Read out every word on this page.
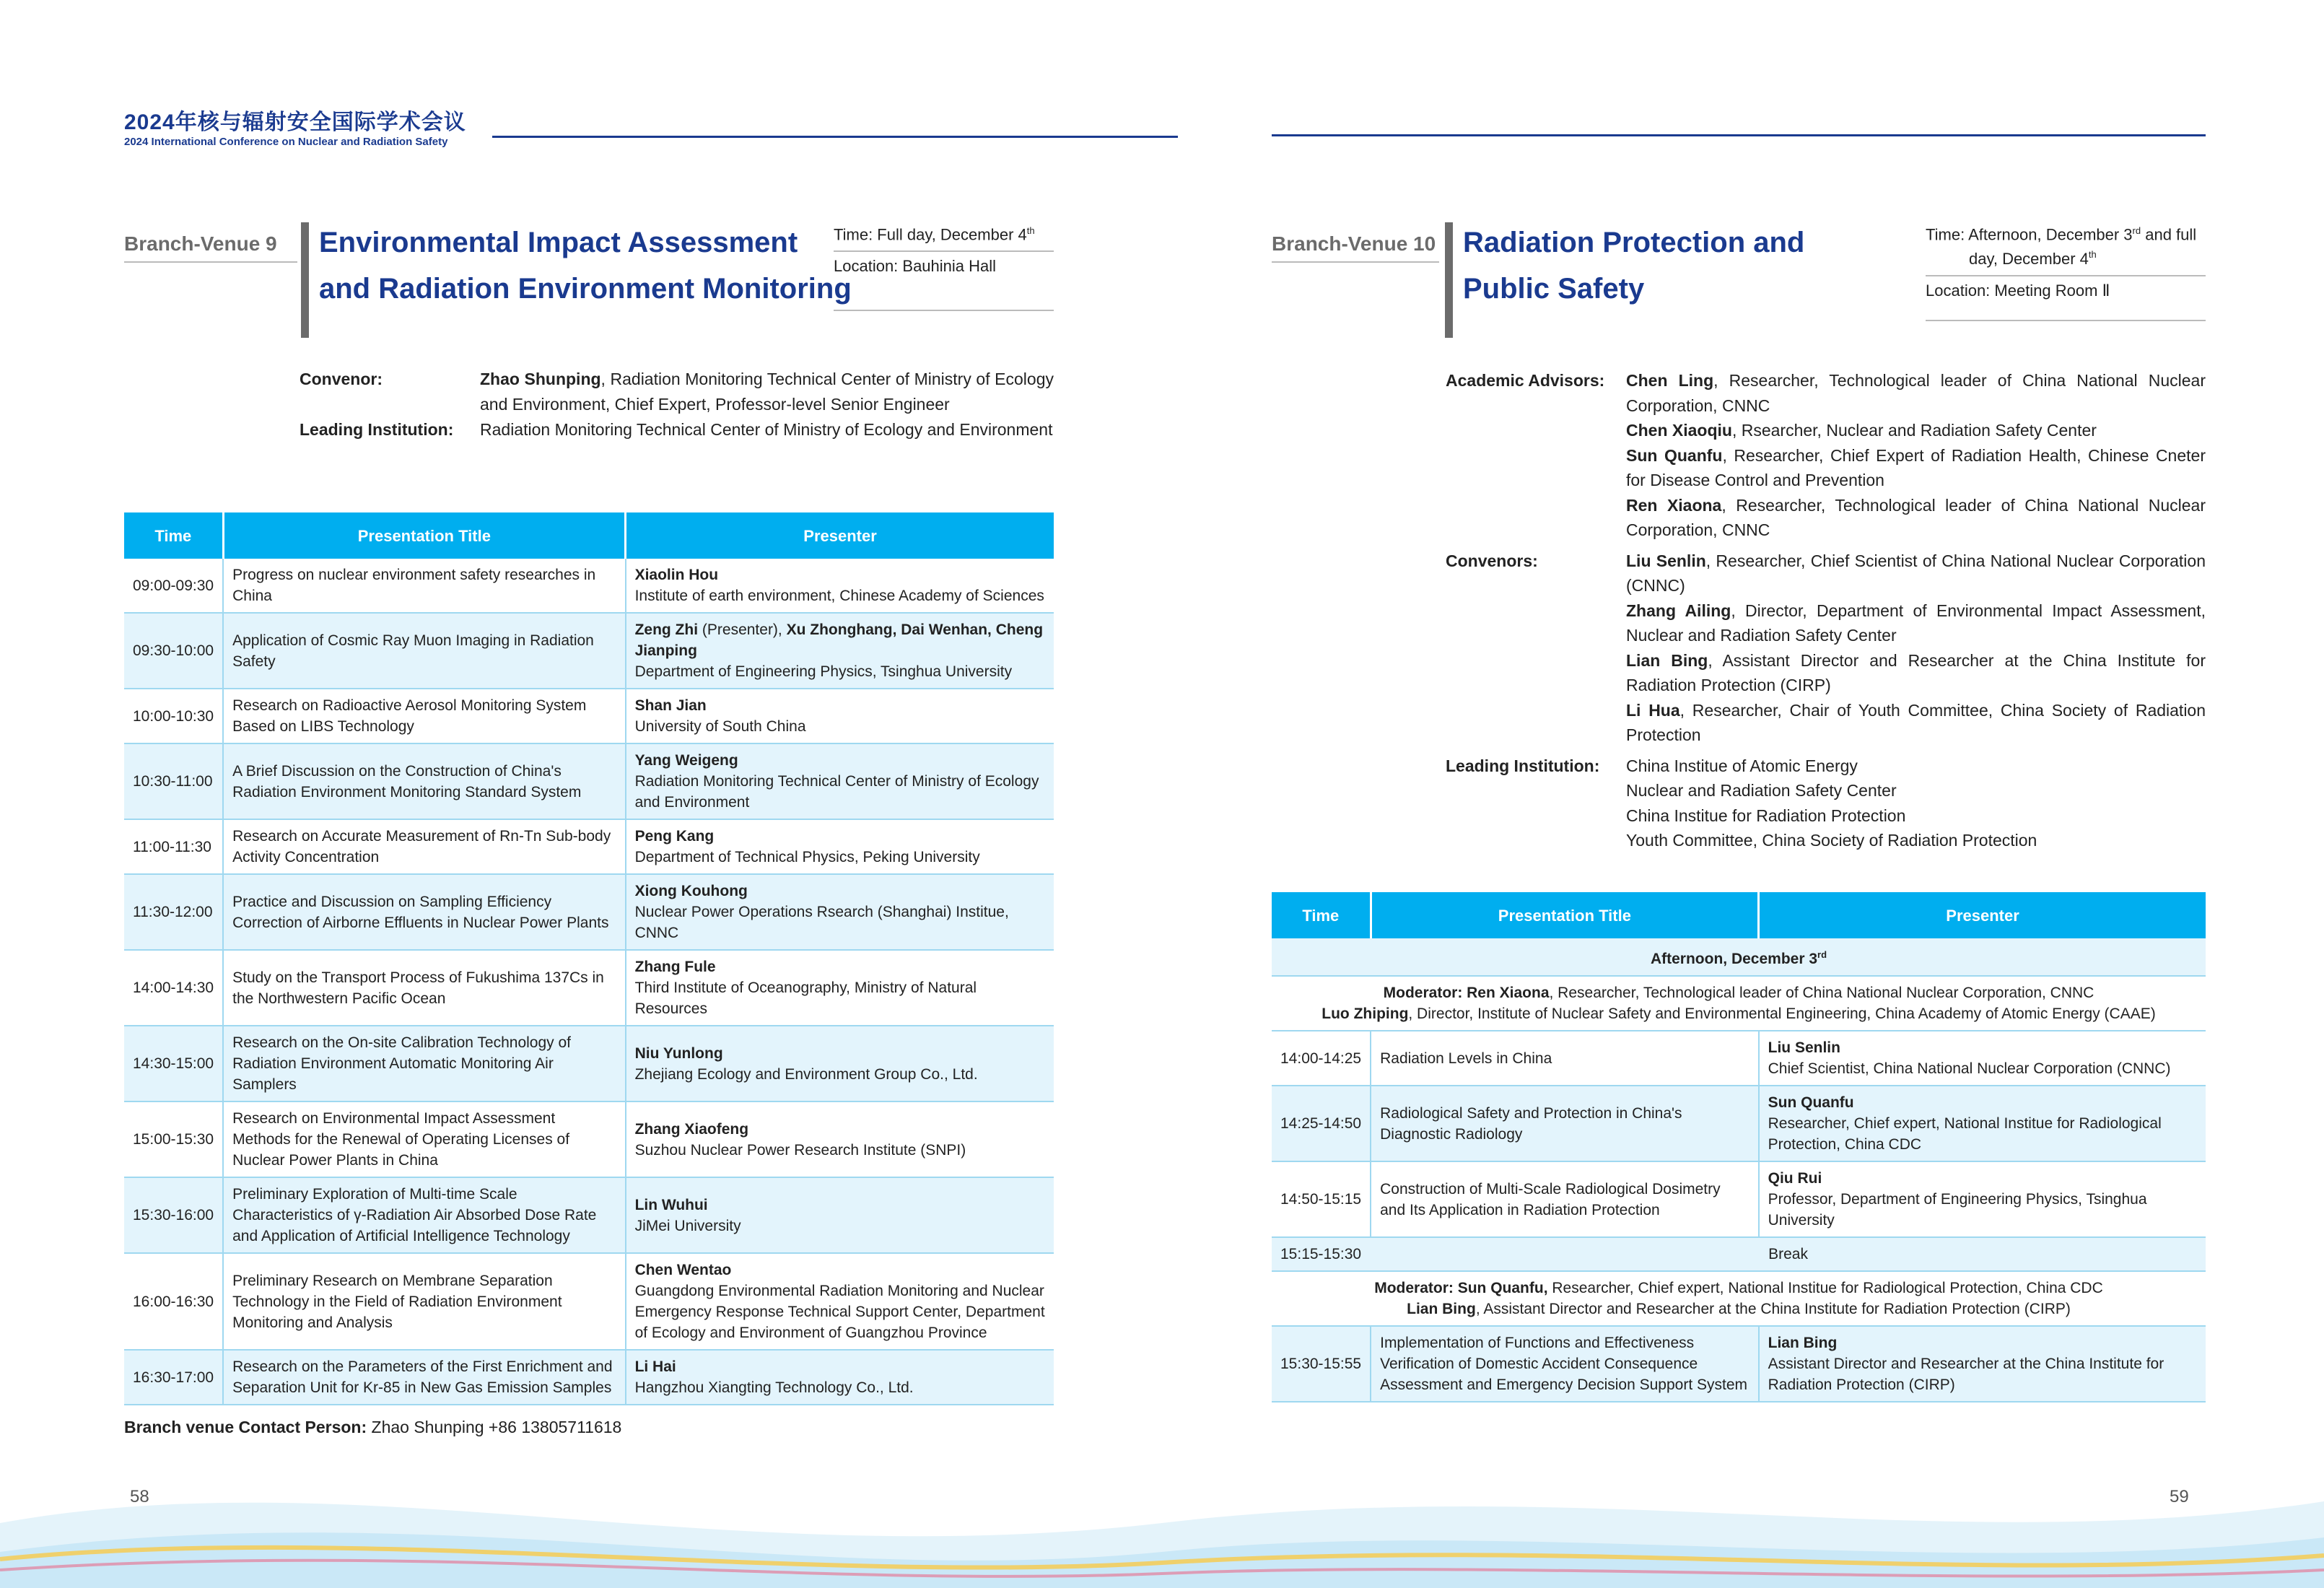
2024年核与辐射安全国际学术会议
2024 International Conference on Nuclear and Radiation Safety
Branch-Venue 9	Environmental Impact Assessment
and Radiation Environment Monitoring
Time: Full day, December 4th
Location: Bauhinia Hall
Convenor:	Zhao Shunping, Radiation Monitoring Technical Center of Ministry of Ecology and Environment, Chief Expert, Professor-level Senior Engineer
Leading Institution:	Radiation Monitoring Technical Center of Ministry of Ecology and Environment
Time	Presentation Title	Presenter
09:00-09:30	Progress on nuclear environment safety researches in China	Xiaolin Hou
Institute of earth environment, Chinese Academy of Sciences

09:30-10:00	Application of Cosmic Ray Muon Imaging in Radiation Safety	Zeng Zhi (Presenter), Xu Zhonghang, Dai Wenhan, Cheng Jianping
Department of Engineering Physics, Tsinghua University

10:00-10:30	Research on Radioactive Aerosol Monitoring System Based on LIBS Technology	Shan Jian
University of South China

10:30-11:00	A Brief Discussion on the Construction of China's Radiation Environment Monitoring Standard System	Yang Weigeng
Radiation Monitoring Technical Center of Ministry of Ecology and Environment

11:00-11:30	Research on Accurate Measurement of Rn-Tn Sub-body Activity Concentration	Peng Kang
Department of Technical Physics, Peking University

11:30-12:00	Practice and Discussion on Sampling Efficiency Correction of Airborne Effluents in Nuclear Power Plants	Xiong Kouhong
Nuclear Power Operations Rsearch (Shanghai) Institue, CNNC

14:00-14:30	Study on the Transport Process of Fukushima 137Cs in the Northwestern Pacific Ocean	Zhang Fule
Third Institute of Oceanography, Ministry of Natural Resources

14:30-15:00	Research on the On-site Calibration Technology of Radiation Environment Automatic Monitoring Air Samplers	Niu Yunlong
Zhejiang Ecology and Environment Group Co., Ltd.

15:00-15:30	Research on Environmental Impact Assessment Methods for the Renewal of Operating Licenses of Nuclear Power Plants in China	Zhang Xiaofeng
Suzhou Nuclear Power Research Institute (SNPI)

15:30-16:00	Preliminary Exploration of Multi-time Scale Characteristics of γ-Radiation Air Absorbed Dose Rate and Application of Artificial Intelligence Technology	Lin Wuhui
JiMei University

16:00-16:30	Preliminary Research on Membrane Separation Technology in the Field of Radiation Environment Monitoring and Analysis	Chen Wentao
Guangdong Environmental Radiation Monitoring and Nuclear Emergency Response Technical Support Center, Department of Ecology and Environment of Guangzhou Province

16:30-17:00	Research on the Parameters of the First Enrichment and Separation Unit for Kr-85 in New Gas Emission Samples	Li Hai
Hangzhou Xiangting Technology Co., Ltd.
Branch venue Contact Person: Zhao Shunping +86 13805711618
58
Branch-Venue 10 Radiation Protection and
Public Safety
Time: Afternoon, December 3rd and full
day, December 4th
Location: Meeting Room Ⅱ
Academic Advisors:	Chen Ling, Researcher, Technological leader of China National Nuclear Corporation, CNNC
Chen Xiaoqiu, Rsearcher, Nuclear and Radiation Safety Center
Sun Quanfu, Researcher, Chief Expert of Radiation Health, Chinese Cneter for Disease Control and Prevention
Ren Xiaona, Researcher, Technological leader of China National Nuclear Corporation, CNNC
Convenors:	Liu Senlin, Researcher, Chief Scientist of China National Nuclear Corporation (CNNC)
Zhang Ailing, Director, Department of Environmental Impact Assessment, Nuclear and Radiation Safety Center
Lian Bing, Assistant Director and Researcher at the China Institute for Radiation Protection (CIRP)
Li Hua, Researcher, Chair of Youth Committee, China Society of Radiation Protection
Leading Institution:	China Institue of Atomic Energy
Nuclear and Radiation Safety Center
China Institue for Radiation Protection
Youth Committee, China Society of Radiation Protection
Time	Presentation Title	Presenter
Afternoon, December 3rd
Moderator: Ren Xiaona, Researcher, Technological leader of China National Nuclear Corporation, CNNC
Luo Zhiping, Director, Institute of Nuclear Safety and Environmental Engineering, China Academy of Atomic Energy (CAAE)		
14:00-14:25	Radiation Levels in China	Liu Senlin
Chief Scientist, China National Nuclear Corporation (CNNC)

14:25-14:50	Radiological Safety and Protection in China's Diagnostic Radiology	Sun Quanfu
Researcher, Chief expert, National Institue for Radiological Protection, China CDC

14:50-15:15	Construction of Multi-Scale Radiological Dosimetry and Its Application in Radiation Protection	Qiu Rui
Professor, Department of Engineering Physics, Tsinghua University

15:15-15:30	Break	
Moderator: Sun Quanfu, Researcher, Chief expert, National Institue for Radiological Protection, China CDC
Lian Bing, Assistant Director and Researcher at the China Institute for Radiation Protection (CIRP)		
15:30-15:55	Implementation of Functions and Effectiveness Verification of Domestic Accident Consequence Assessment and Emergency Decision Support System	Lian Bing
Assistant Director and Researcher at the China Institute for Radiation Protection (CIRP)
59
